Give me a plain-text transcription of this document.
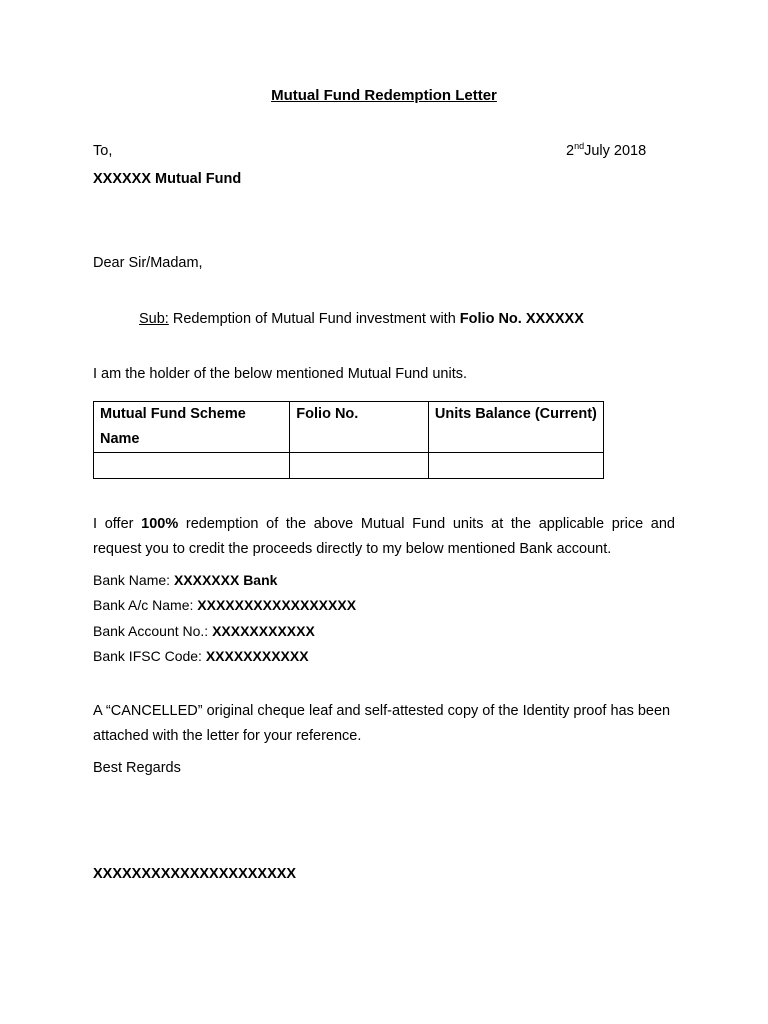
Mutual Fund Redemption Letter
To,	2ndJuly 2018
XXXXXX Mutual Fund
Dear Sir/Madam,
Sub: Redemption of Mutual Fund investment with Folio No. XXXXXX
I am the holder of the below mentioned Mutual Fund units.
Mutual Fund Scheme Name	Folio No.	Units Balance (Current)

I offer 100% redemption of the above Mutual Fund units at the applicable price and request you to credit the proceeds directly to my below mentioned Bank account.
Bank Name: XXXXXXX Bank
Bank A/c Name: XXXXXXXXXXXXXXXXX
Bank Account No.: XXXXXXXXXXX
Bank IFSC Code: XXXXXXXXXXX
A “CANCELLED” original cheque leaf and self-attested copy of the Identity proof has been attached with the letter for your reference.
Best Regards
XXXXXXXXXXXXXXXXXXXXX
